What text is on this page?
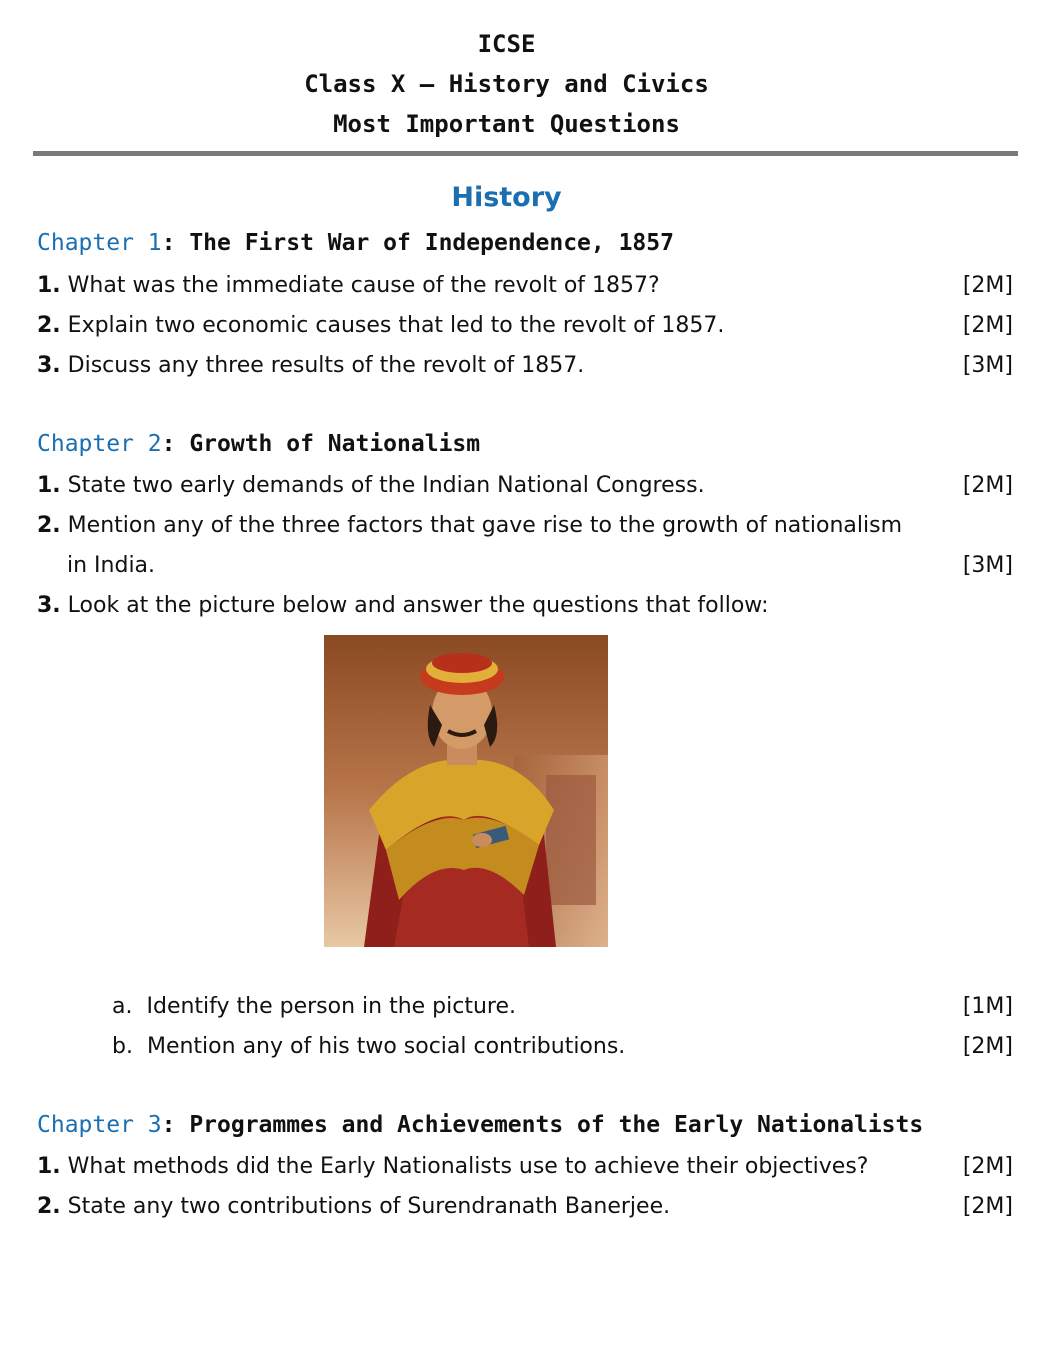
ICSE
Class X – History and Civics
Most Important Questions
History
Chapter 1: The First War of Independence, 1857
1. What was the immediate cause of the revolt of 1857?	[2M]
2. Explain two economic causes that led to the revolt of 1857.	[2M]
3. Discuss any three results of the revolt of 1857.	[3M]
Chapter 2: Growth of Nationalism
1. State two early demands of the Indian National Congress.	[2M]
2. Mention any of the three factors that gave rise to the growth of nationalism
in India.	[3M]
3. Look at the picture below and answer the questions that follow:
a. Identify the person in the picture.	[1M]
b. Mention any of his two social contributions.	[2M]
Chapter 3: Programmes and Achievements of the Early Nationalists
1. What methods did the Early Nationalists use to achieve their objectives?	[2M]
2. State any two contributions of Surendranath Banerjee.	[2M]
